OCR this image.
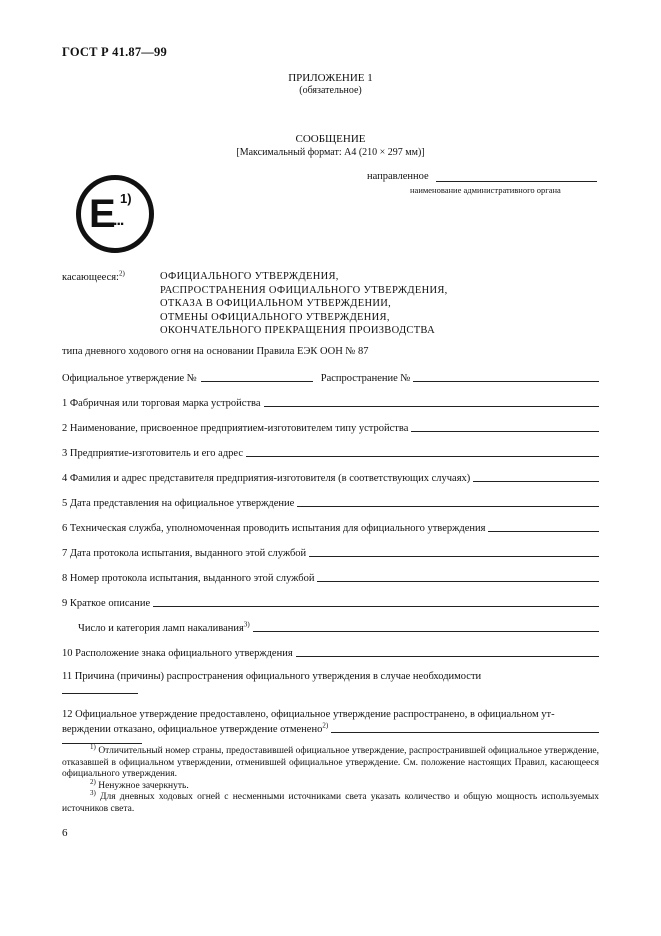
ГОСТ Р 41.87—99
ПРИЛОЖЕНИЕ 1
(обязательное)
СООБЩЕНИЕ
[Максимальный формат: А4 (210 × 297 мм)]
направленное
наименование административного органа
E 1)
...
касающееся:$^{2)}$	ОФИЦИАЛЬНОГО УТВЕРЖДЕНИЯ,
РАСПРОСТРАНЕНИЯ ОФИЦИАЛЬНОГО УТВЕРЖДЕНИЯ,
ОТКАЗА В ОФИЦИАЛЬНОМ УТВЕРЖДЕНИИ,
ОТМЕНЫ ОФИЦИАЛЬНОГО УТВЕРЖДЕНИЯ,
ОКОНЧАТЕЛЬНОГО ПРЕКРАЩЕНИЯ ПРОИЗВОДСТВА
типа дневного ходового огня на основании Правила ЕЭК ООН № 87
Официальное утверждение №	Распространение №
1 Фабричная или торговая марка устройства
2 Наименование, присвоенное предприятием-изготовителем типу устройства
3 Предприятие-изготовитель и его адрес
4 Фамилия и адрес представителя предприятия-изготовителя (в соответствующих случаях)
5 Дата представления на официальное утверждение
6 Техническая служба, уполномоченная проводить испытания для официального утверждения
7 Дата протокола испытания, выданного этой службой
8 Номер протокола испытания, выданного этой службой
9 Краткое описание
Число и категория ламп накаливания$^{3)}$
10 Расположение знака официального утверждения
11 Причина (причины) распространения официального утверждения в случае необходимости
12 Официальное утверждение предоставлено, официальное утверждение распространено, в официальном ут-
верждении отказано, официальное утверждение отменено$^{2)}$

$^{1)}$ Отличительный номер страны, предоставившей официальное утверждение, распространившей официальное утверждение, отказавшей в официальном утверждении, отменившей официальное утверждение. См. положение настоящих Правил, касающееся официального утверждения.

$^{2)}$ Ненужное зачеркнуть.

$^{3)}$ Для дневных ходовых огней с несменными источниками света указать количество и общую мощность используемых источников света.

6
